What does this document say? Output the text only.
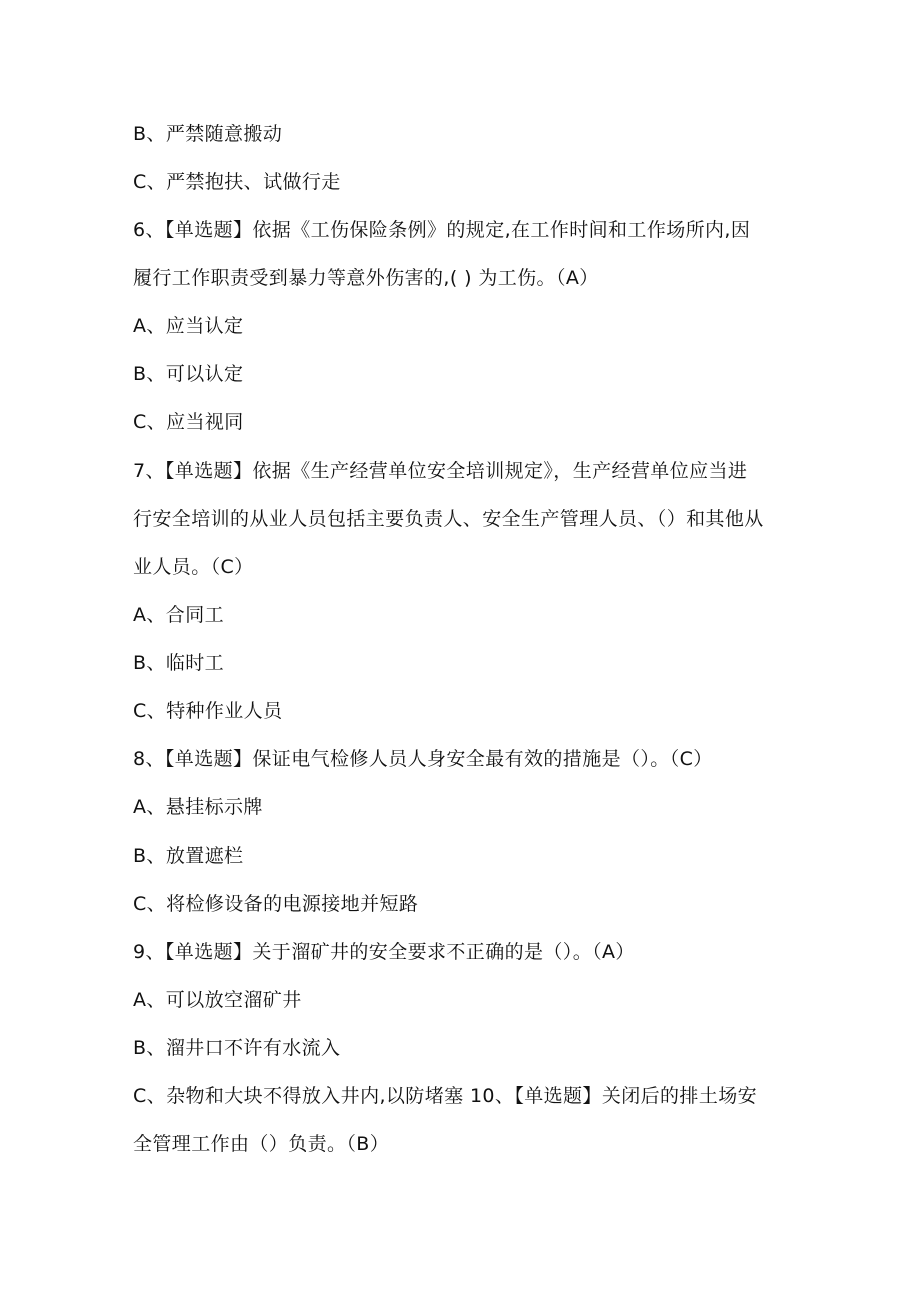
B、严禁随意搬动
C、严禁抱扶、试做行走
6、【单选题】依据《工伤保险条例》的规定,在工作时间和工作场所内,因
履行工作职责受到暴力等意外伤害的,( ) 为工伤。（A）
A、应当认定
B、可以认定
C、应当视同
7、【单选题】依据《生产经营单位安全培训规定》，生产经营单位应当进
行安全培训的从业人员包括主要负责人、安全生产管理人员、（）和其他从
业人员。（C）
A、合同工
B、临时工
C、特种作业人员
8、【单选题】保证电气检修人员人身安全最有效的措施是（）。（C）
A、悬挂标示牌
B、放置遮栏
C、将检修设备的电源接地并短路
9、【单选题】关于溜矿井的安全要求不正确的是（）。（A）
A、可以放空溜矿井
B、溜井口不许有水流入
C、杂物和大块不得放入井内,以防堵塞 10、【单选题】关闭后的排土场安
全管理工作由（）负责。（B）
